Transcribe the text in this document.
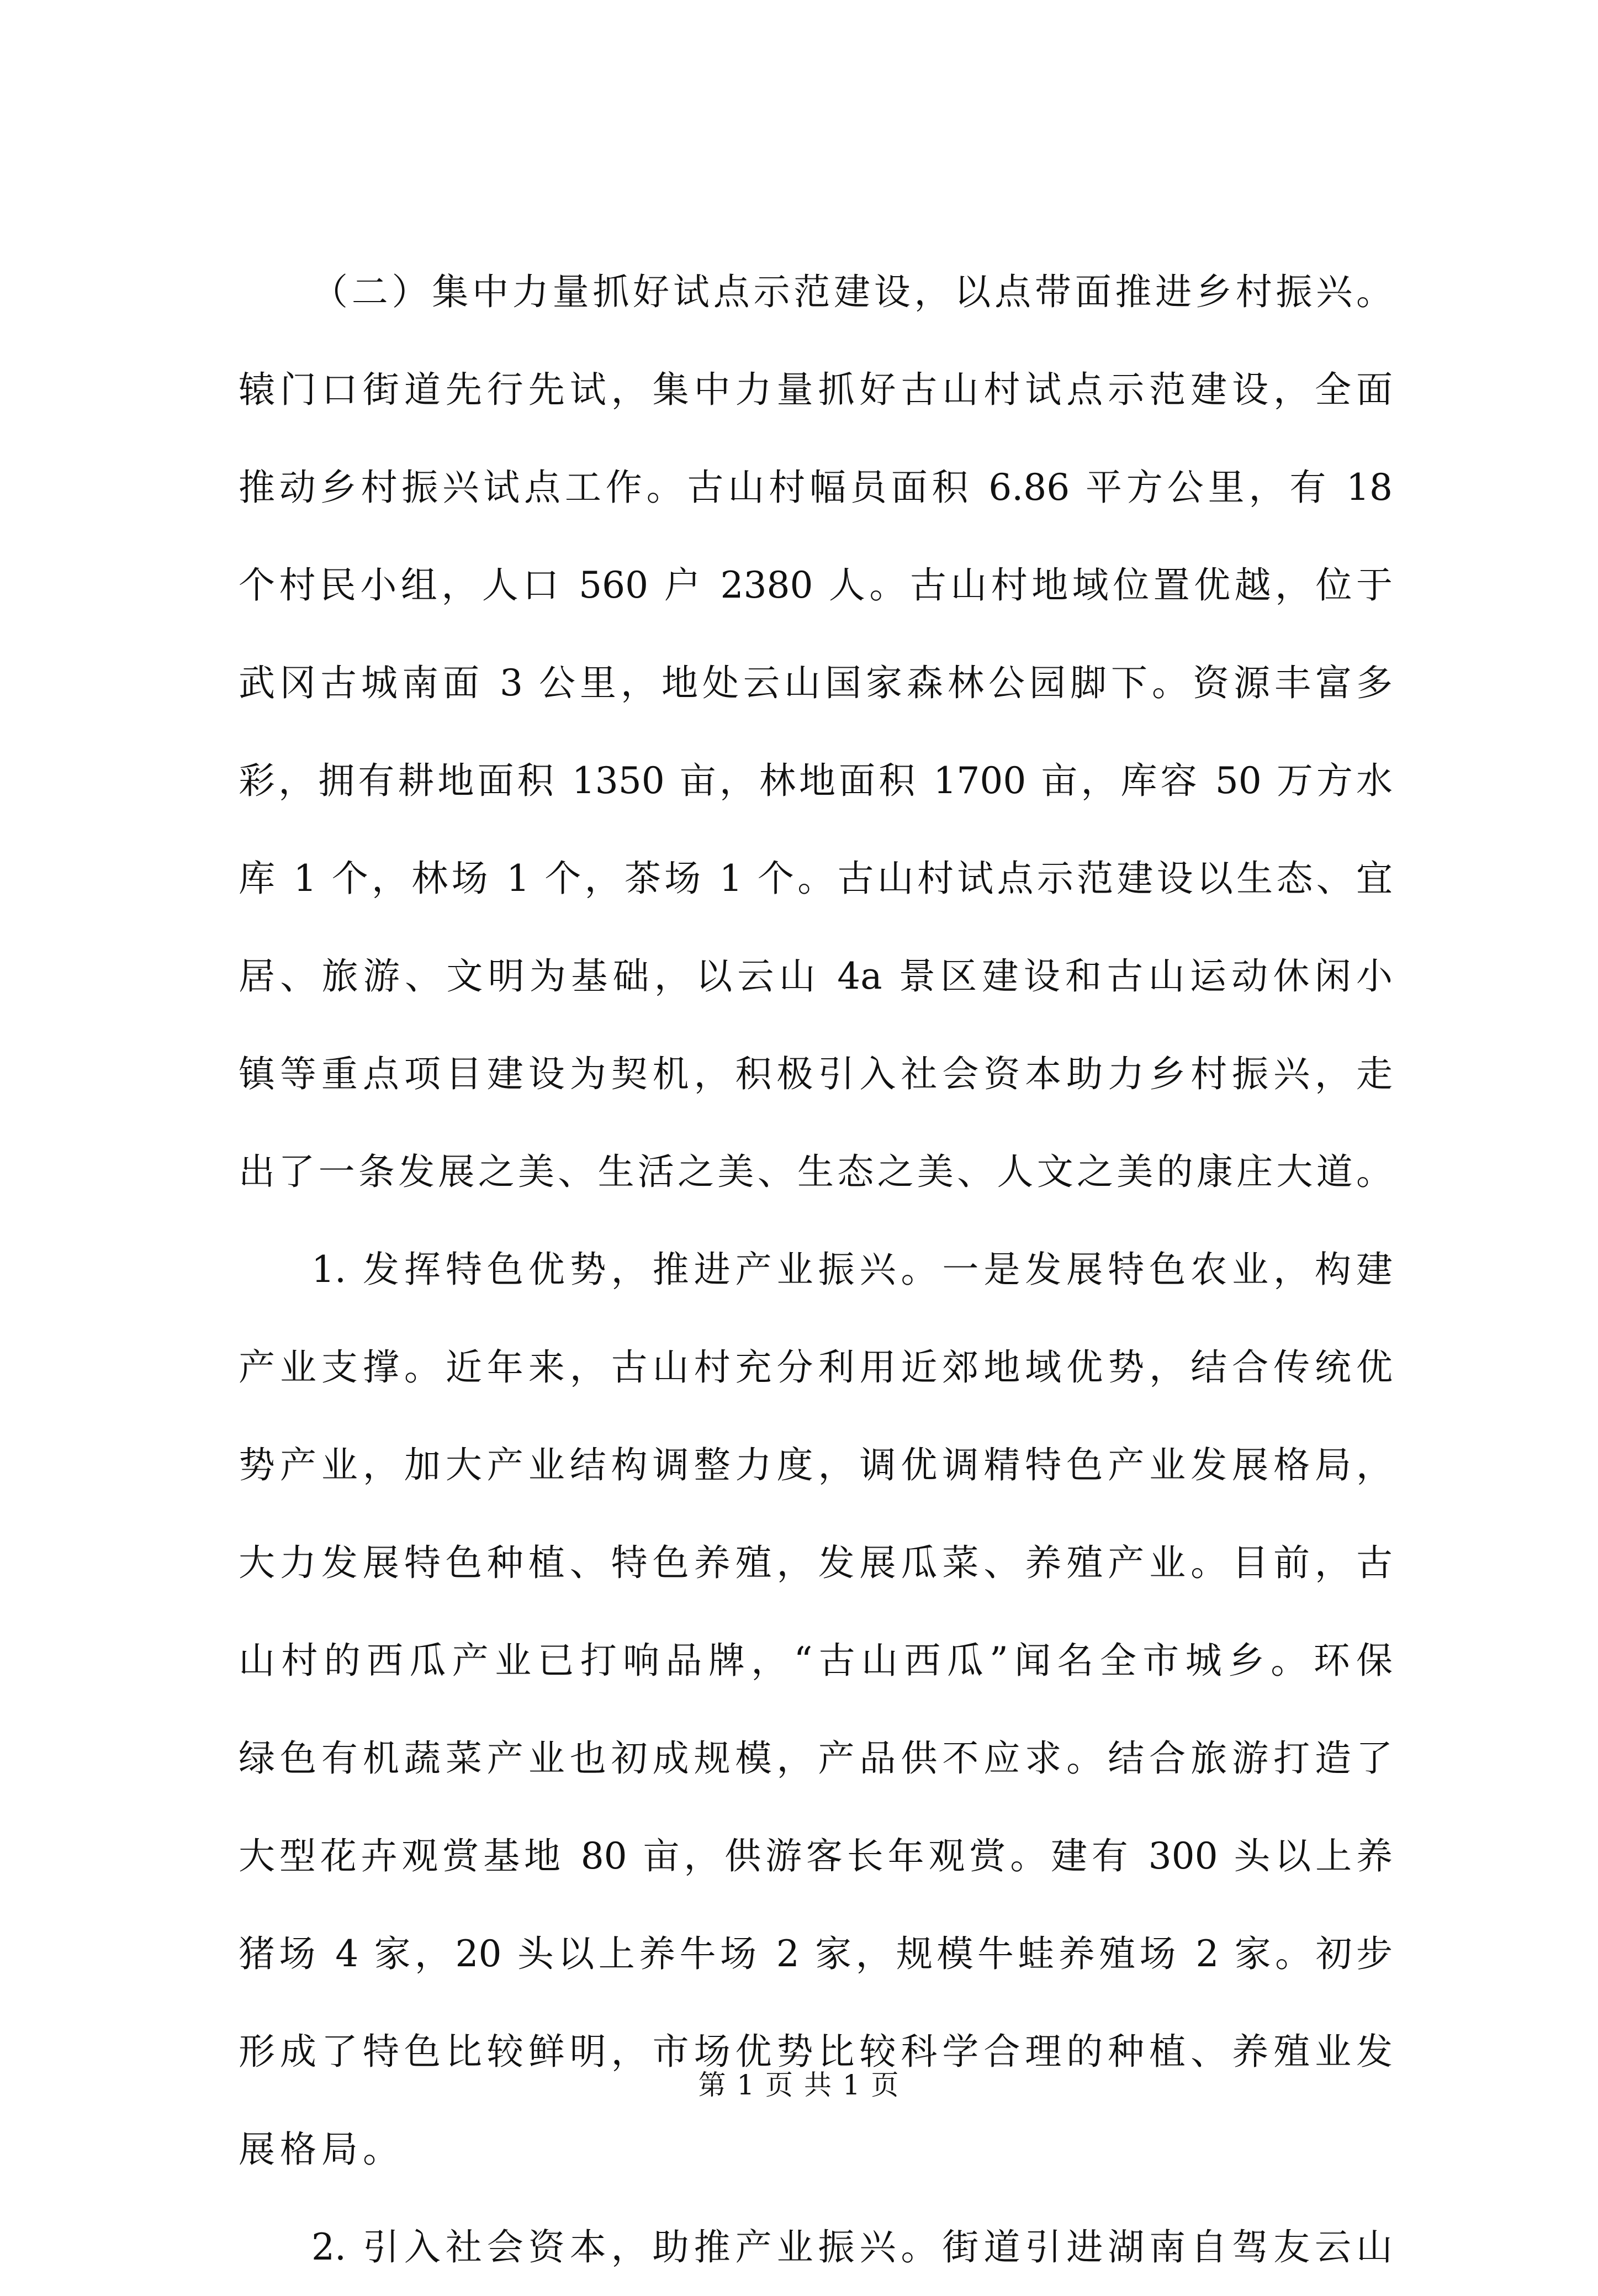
（二）集中力量抓好试点示范建设，以点带面推进乡村振兴。
辕门口街道先行先试，集中力量抓好古山村试点示范建设，全面
推动乡村振兴试点工作。古山村幅员面积 6.86 平方公里，有 18
个村民小组，人口 560 户 2380 人。古山村地域位置优越，位于
武冈古城南面 3 公里，地处云山国家森林公园脚下。资源丰富多
彩，拥有耕地面积 1350 亩，林地面积 1700 亩，库容 50 万方水
库 1 个，林场 1 个，茶场 1 个。古山村试点示范建设以生态、宜
居、旅游、文明为基础，以云山 4a 景区建设和古山运动休闲小
镇等重点项目建设为契机，积极引入社会资本助力乡村振兴，走
出了一条发展之美、生活之美、生态之美、人文之美的康庄大道。
1. 发挥特色优势，推进产业振兴。一是发展特色农业，构建
产业支撑。近年来，古山村充分利用近郊地域优势，结合传统优
势产业，加大产业结构调整力度，调优调精特色产业发展格局，
大力发展特色种植、特色养殖，发展瓜菜、养殖产业。目前，古
山村的西瓜产业已打响品牌，“古山西瓜”闻名全市城乡。环保
绿色有机蔬菜产业也初成规模，产品供不应求。结合旅游打造了
大型花卉观赏基地 80 亩，供游客长年观赏。建有 300 头以上养
猪场 4 家，20 头以上养牛场 2 家，规模牛蛙养殖场 2 家。初步
形成了特色比较鲜明，市场优势比较科学合理的种植、养殖业发
展格局。
2. 引入社会资本，助推产业振兴。街道引进湖南自驾友云山
第 1 页 共 1 页
